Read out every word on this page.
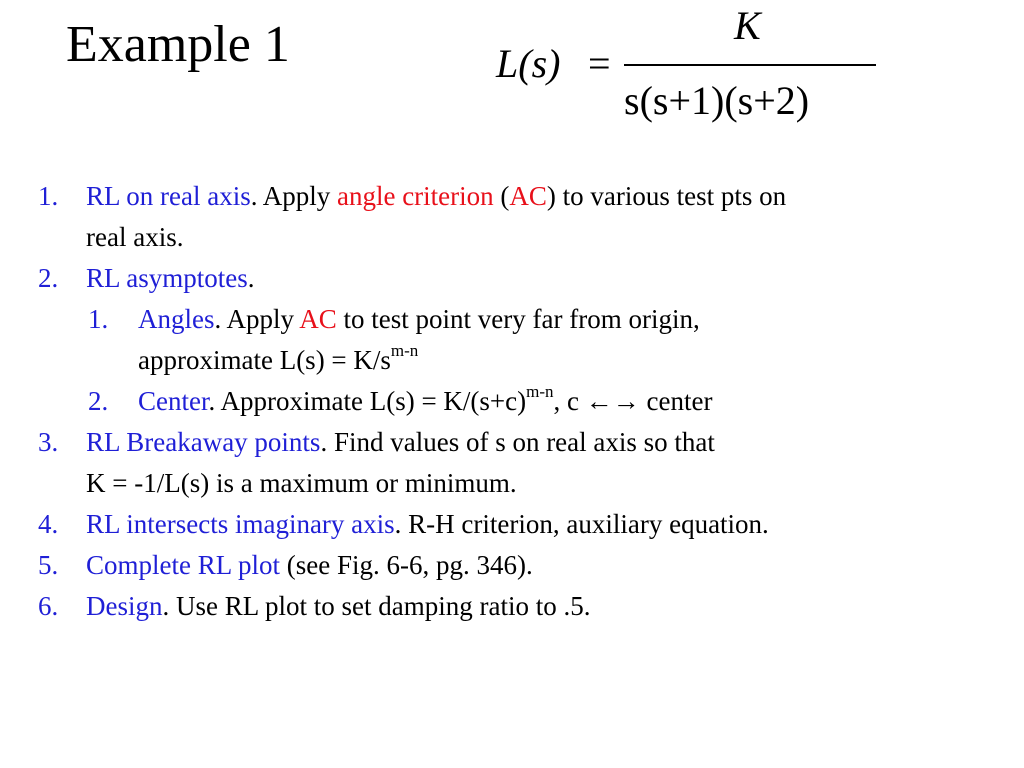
Example 1	L(s) =
K
s(s+1)(s+2)
1. RL on real axis. Apply angle criterion (AC) to various test pts on
real axis.
2. RL asymptotes.
1. Angles. Apply AC to test point very far from origin,
approximate $L(s) = K/s^{m-n}$
2. Center. Approximate $L(s) = K/(s+c)^{m-n}$, c ←→ center
3. RL Breakaway points. Find values of s on real axis so that
K = -1/L(s) is a maximum or minimum.
4. RL intersects imaginary axis. R-H criterion, auxiliary equation.
5. Complete RL plot (see Fig. 6-6, pg. 346).
6. Design. Use RL plot to set damping ratio to .5.
